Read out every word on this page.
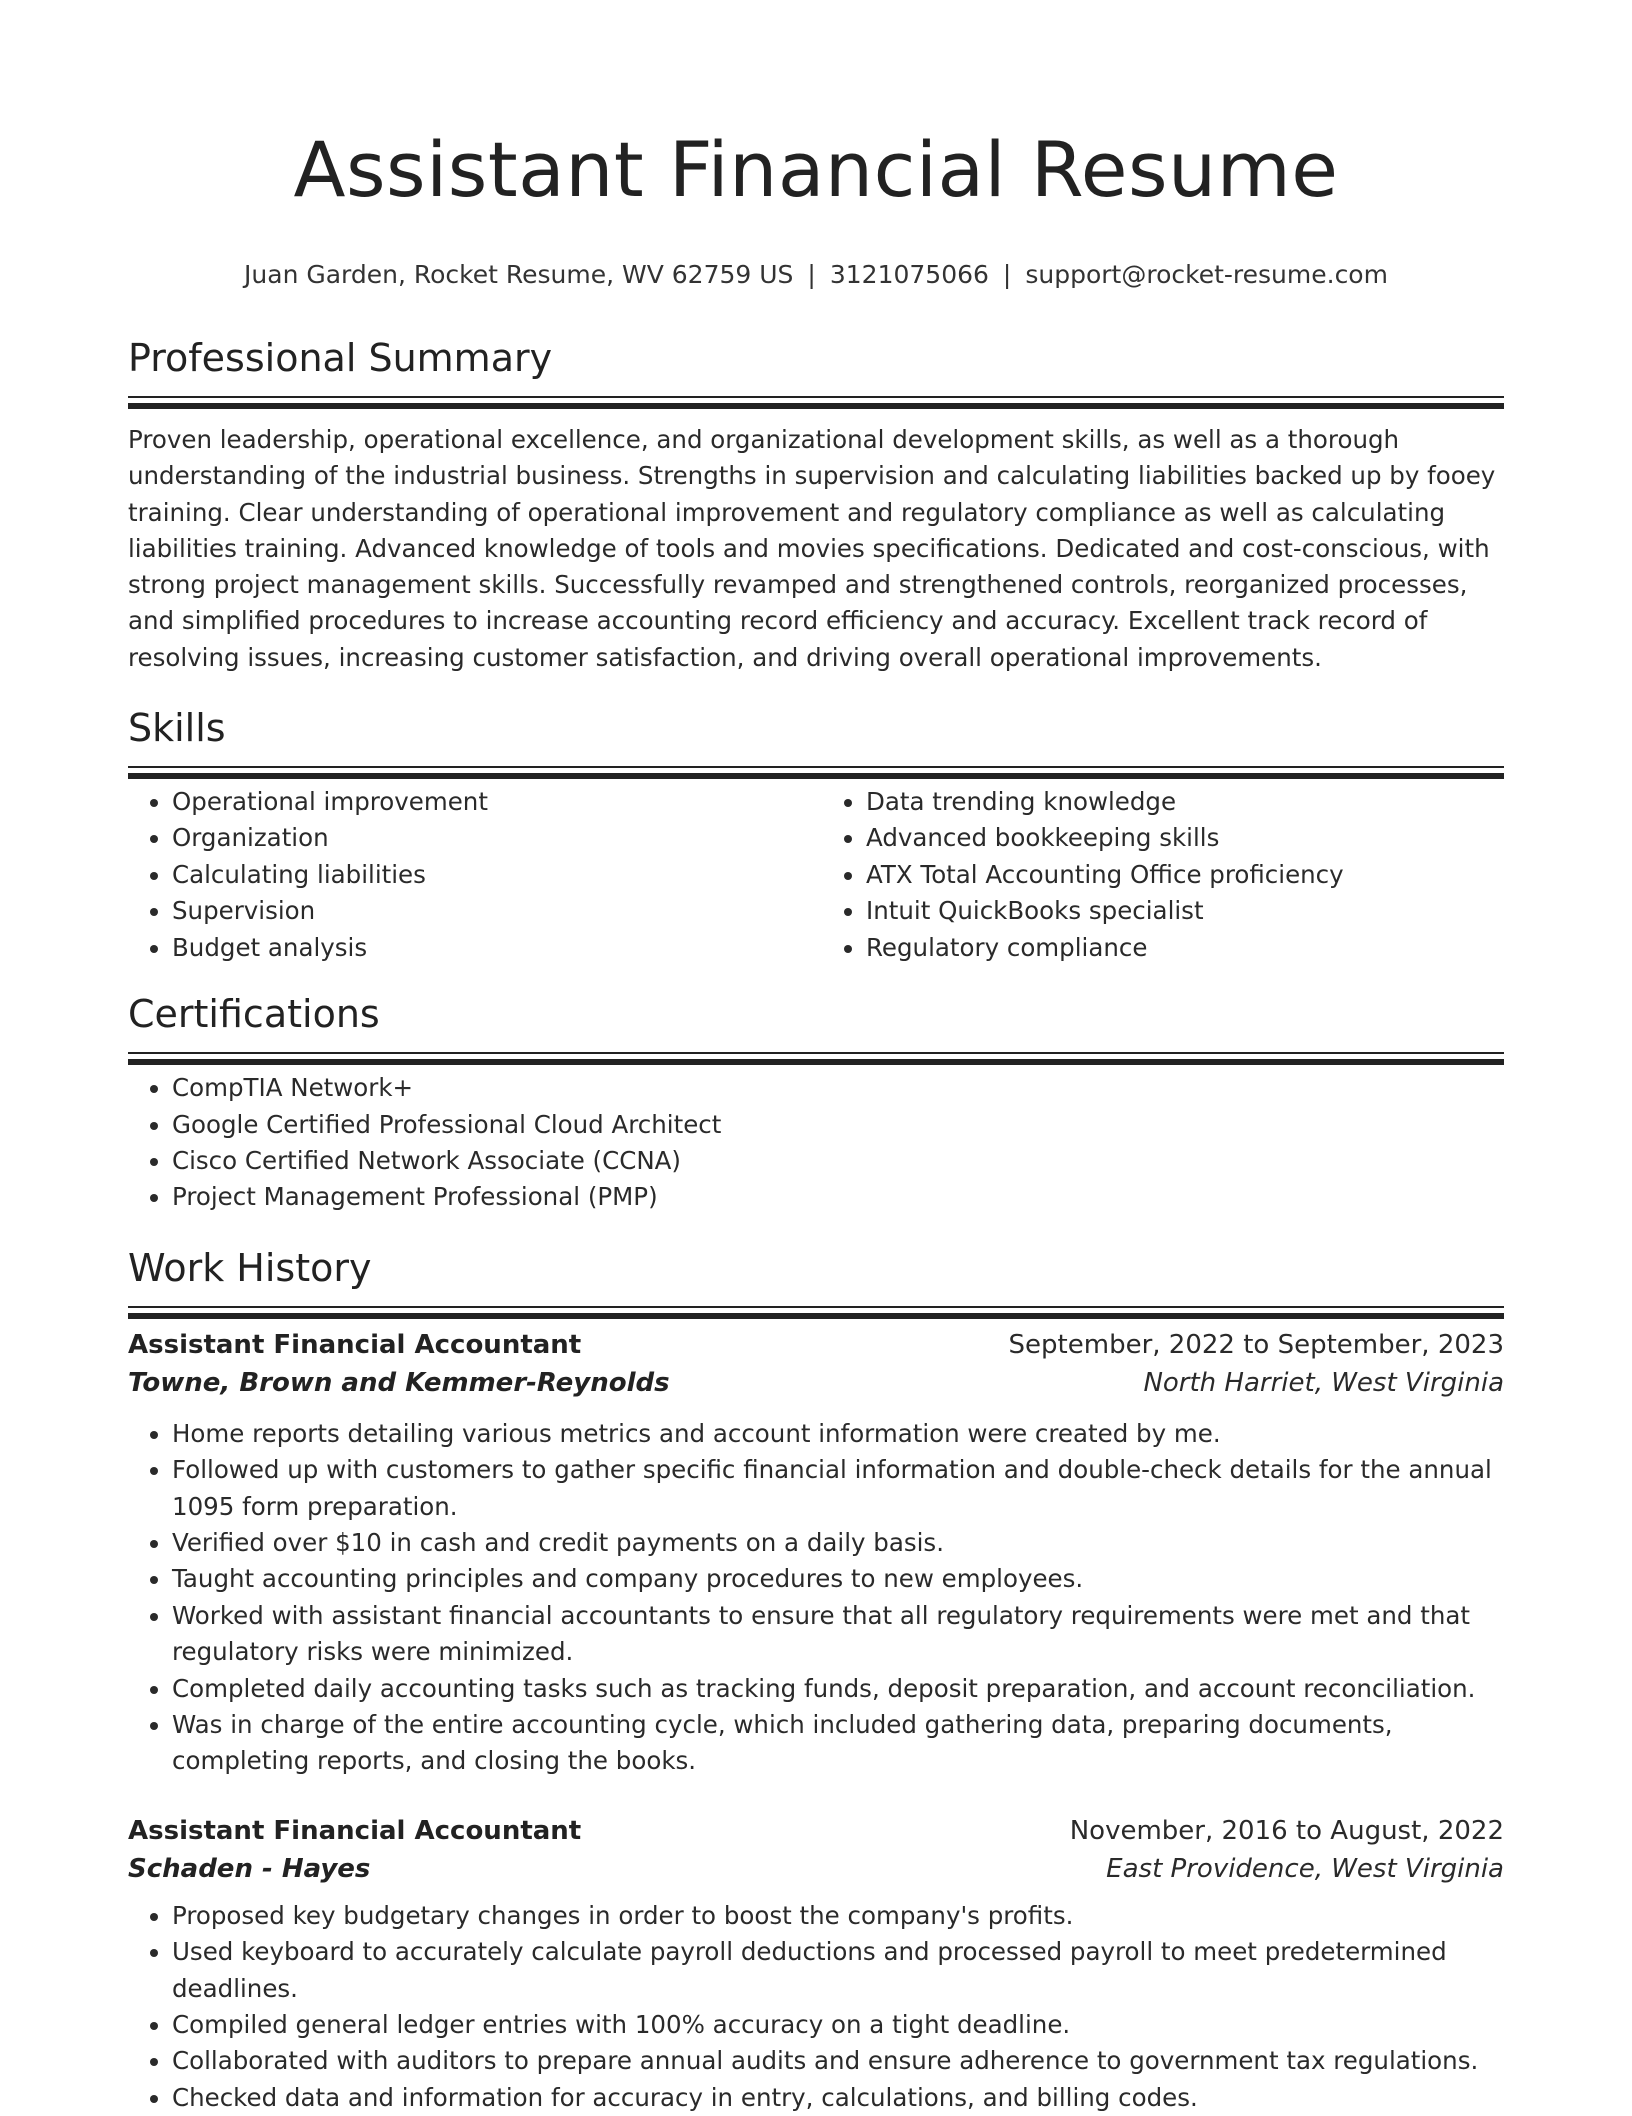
Assistant Financial Resume
Juan Garden, Rocket Resume, WV 62759 US | 3121075066 | support@rocket-resume.com
Professional Summary

Proven leadership, operational excellence, and organizational development skills, as well as a thorough understanding of the industrial business. Strengths in supervision and calculating liabilities backed up by fooey training. Clear understanding of operational improvement and regulatory compliance as well as calculating liabilities training. Advanced knowledge of tools and movies specifications. Dedicated and cost-conscious, with strong project management skills. Successfully revamped and strengthened controls, reorganized processes, and simplified procedures to increase accounting record efficiency and accuracy. Excellent track record of resolving issues, increasing customer satisfaction, and driving overall operational improvements.

Skills
• Operational improvement
• Organization
• Calculating liabilities
• Supervision
• Budget analysis
• Data trending knowledge
• Advanced bookkeeping skills
• ATX Total Accounting Office proficiency
• Intuit QuickBooks specialist
• Regulatory compliance
Certifications
• CompTIA Network+
• Google Certified Professional Cloud Architect
• Cisco Certified Network Associate (CCNA)
• Project Management Professional (PMP)
Work History
Assistant Financial Accountant	September, 2022 to September, 2023
Towne, Brown and Kemmer-Reynolds	North Harriet, West Virginia
• Home reports detailing various metrics and account information were created by me.
• Followed up with customers to gather specific financial information and double-check details for the annual 1095 form preparation.
• Verified over $10 in cash and credit payments on a daily basis.
• Taught accounting principles and company procedures to new employees.
• Worked with assistant financial accountants to ensure that all regulatory requirements were met and that regulatory risks were minimized.
• Completed daily accounting tasks such as tracking funds, deposit preparation, and account reconciliation.
• Was in charge of the entire accounting cycle, which included gathering data, preparing documents, completing reports, and closing the books.
Assistant Financial Accountant	November, 2016 to August, 2022
Schaden - Hayes	East Providence, West Virginia
• Proposed key budgetary changes in order to boost the company's profits.
• Used keyboard to accurately calculate payroll deductions and processed payroll to meet predetermined deadlines.
• Compiled general ledger entries with 100% accuracy on a tight deadline.
• Collaborated with auditors to prepare annual audits and ensure adherence to government tax regulations.
• Checked data and information for accuracy in entry, calculations, and billing codes.
